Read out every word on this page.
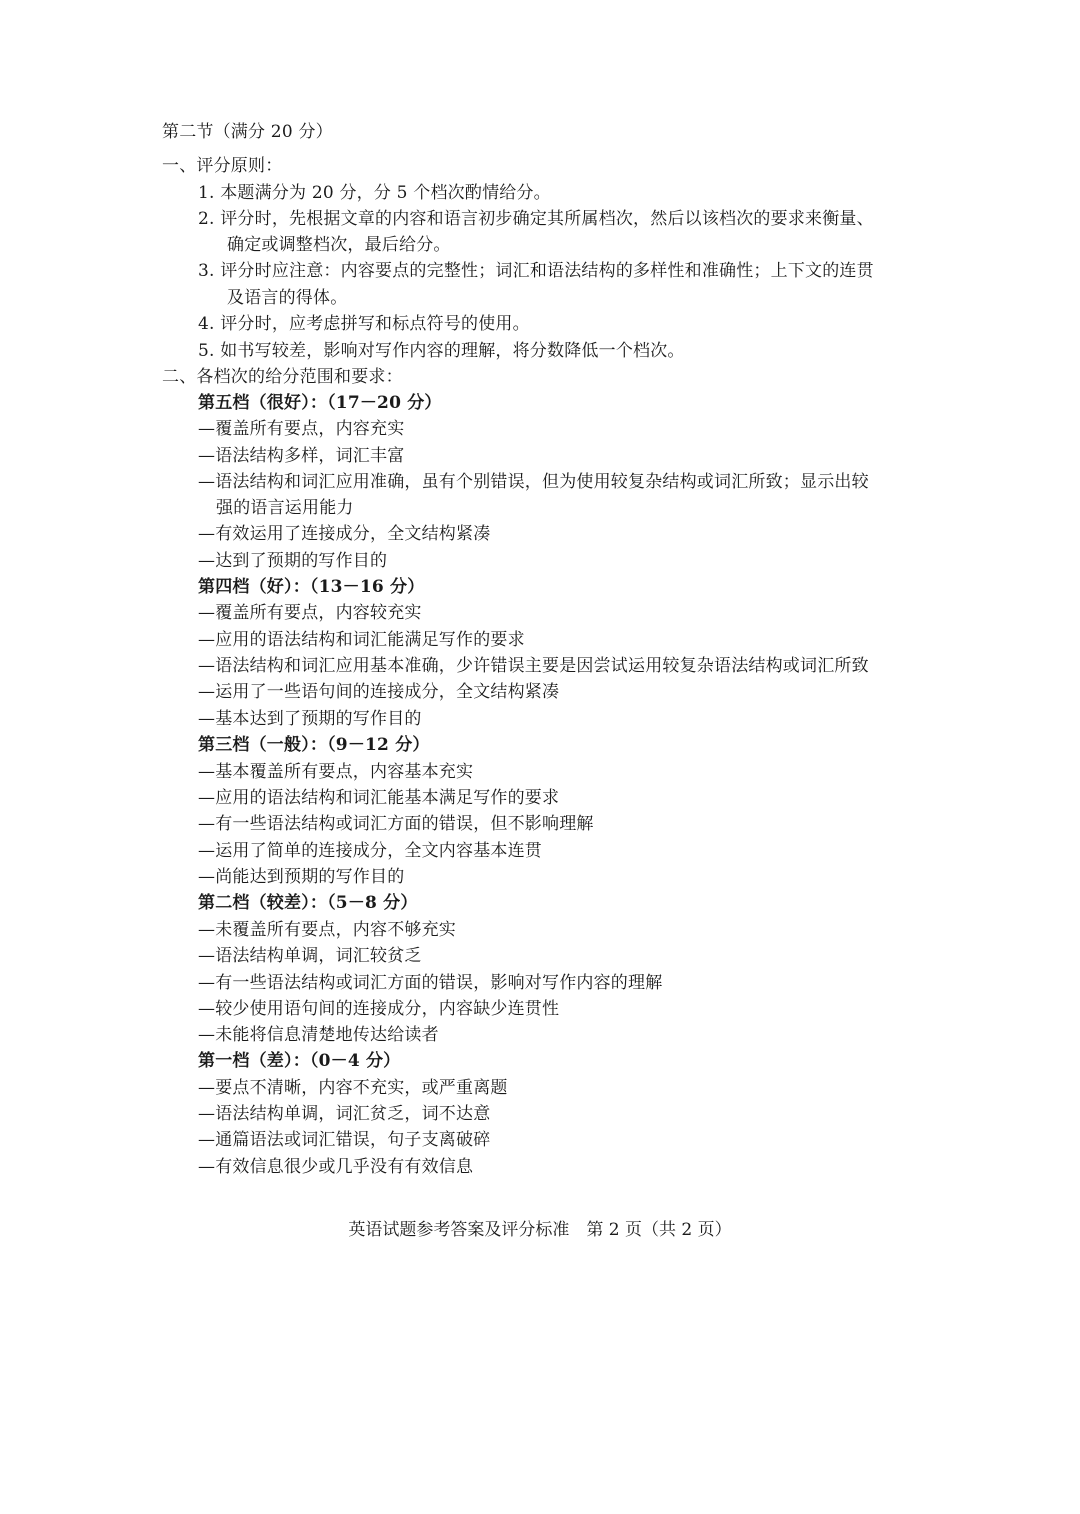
第二节（满分 20 分）
一、评分原则：
1. 本题满分为 20 分，分 5 个档次酌情给分。
2. 评分时，先根据文章的内容和语言初步确定其所属档次，然后以该档次的要求来衡量、
确定或调整档次，最后给分。
3. 评分时应注意：内容要点的完整性；词汇和语法结构的多样性和准确性；上下文的连贯
及语言的得体。
4. 评分时，应考虑拼写和标点符号的使用。
5. 如书写较差，影响对写作内容的理解，将分数降低一个档次。
二、各档次的给分范围和要求：
第五档（很好）：（17－20 分）
—覆盖所有要点，内容充实
—语法结构多样，词汇丰富
—语法结构和词汇应用准确，虽有个别错误，但为使用较复杂结构或词汇所致；显示出较
强的语言运用能力
—有效运用了连接成分，全文结构紧凑
—达到了预期的写作目的
第四档（好）：（13－16 分）
—覆盖所有要点，内容较充实
—应用的语法结构和词汇能满足写作的要求
—语法结构和词汇应用基本准确，少许错误主要是因尝试运用较复杂语法结构或词汇所致
—运用了一些语句间的连接成分，全文结构紧凑
—基本达到了预期的写作目的
第三档（一般）：（9－12 分）
—基本覆盖所有要点，内容基本充实
—应用的语法结构和词汇能基本满足写作的要求
—有一些语法结构或词汇方面的错误，但不影响理解
—运用了简单的连接成分，全文内容基本连贯
—尚能达到预期的写作目的
第二档（较差）：（5－8 分）
—未覆盖所有要点，内容不够充实
—语法结构单调，词汇较贫乏
—有一些语法结构或词汇方面的错误，影响对写作内容的理解
—较少使用语句间的连接成分，内容缺少连贯性
—未能将信息清楚地传达给读者
第一档（差）：（0－4 分）
—要点不清晰，内容不充实，或严重离题
—语法结构单调，词汇贫乏，词不达意
—通篇语法或词汇错误，句子支离破碎
—有效信息很少或几乎没有有效信息
英语试题参考答案及评分标准　第 2 页（共 2 页）
